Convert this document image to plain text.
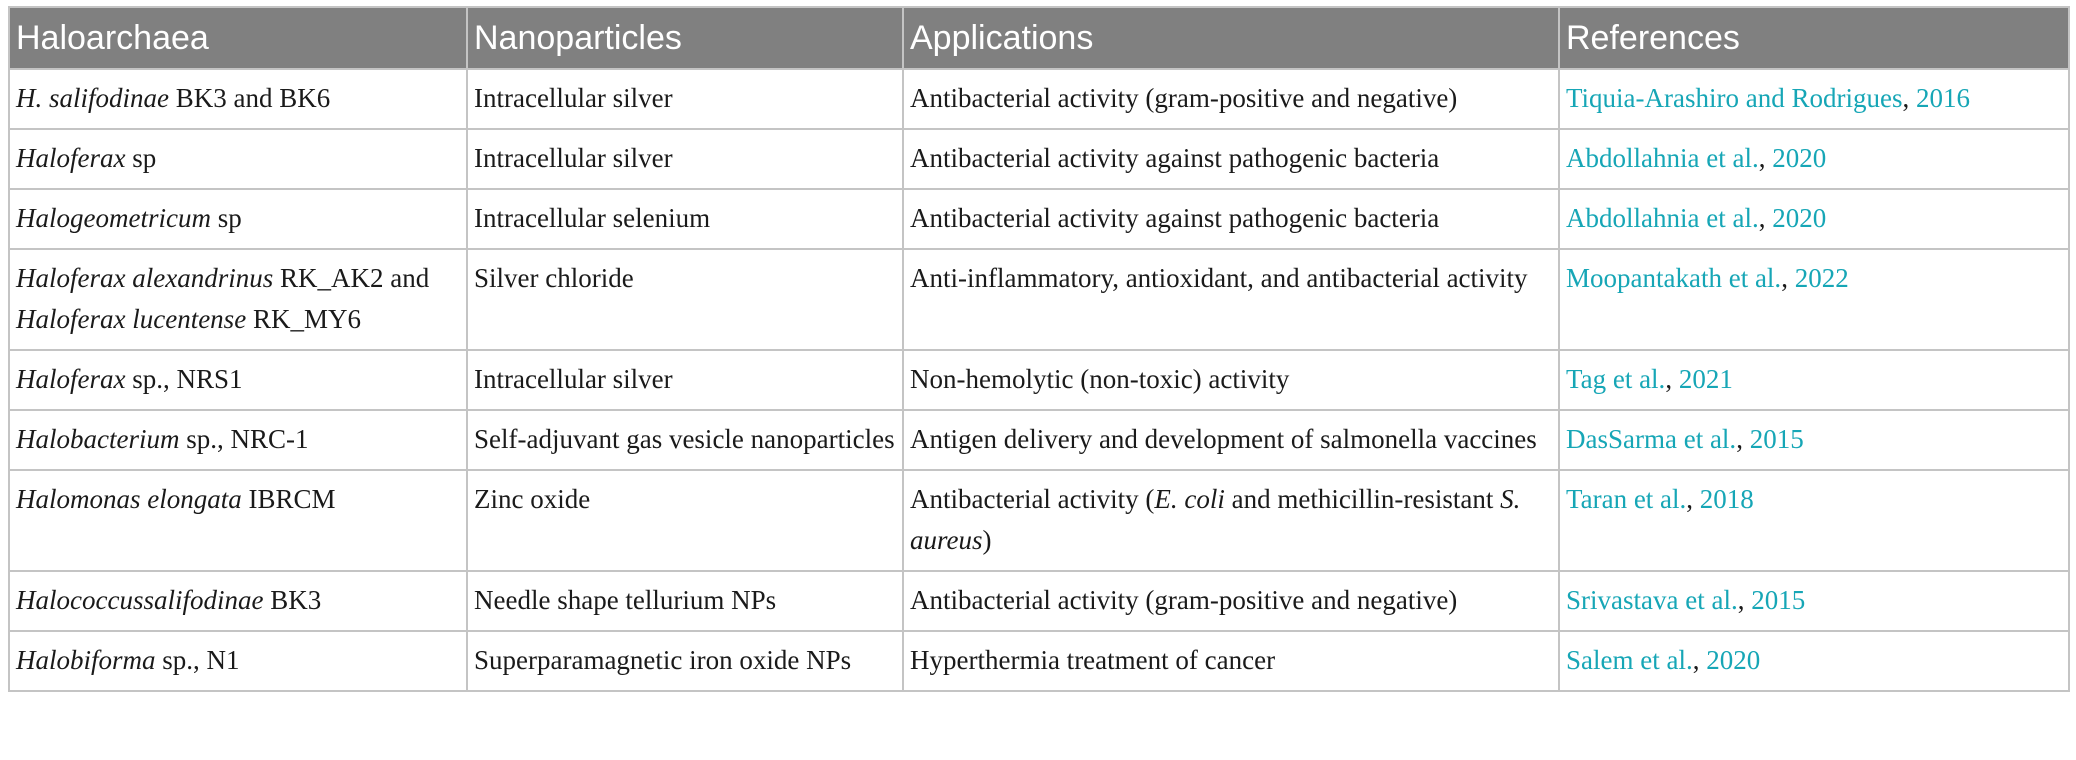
Haloarchaea	Nanoparticles	Applications	References
H. salifodinae BK3 and BK6	Intracellular silver	Antibacterial activity (gram-positive and negative)	Tiquia-Arashiro and Rodrigues, 2016
Haloferax sp	Intracellular silver	Antibacterial activity against pathogenic bacteria	Abdollahnia et al., 2020
Halogeometricum sp	Intracellular selenium	Antibacterial activity against pathogenic bacteria	Abdollahnia et al., 2020
Haloferax alexandrinus RK_AK2 and Haloferax lucentense RK_MY6	Silver chloride	Anti-inflammatory, antioxidant, and antibacterial activity	Moopantakath et al., 2022
Haloferax sp., NRS1	Intracellular silver	Non-hemolytic (non-toxic) activity	Tag et al., 2021
Halobacterium sp., NRC-1	Self-adjuvant gas vesicle nanoparticles	Antigen delivery and development of salmonella vaccines	DasSarma et al., 2015
Halomonas elongata IBRCM	Zinc oxide	Antibacterial activity (E. coli and methicillin-resistant S. aureus)	Taran et al., 2018
Halococcussalifodinae BK3	Needle shape tellurium NPs	Antibacterial activity (gram-positive and negative)	Srivastava et al., 2015
Halobiforma sp., N1	Superparamagnetic iron oxide NPs	Hyperthermia treatment of cancer	Salem et al., 2020
